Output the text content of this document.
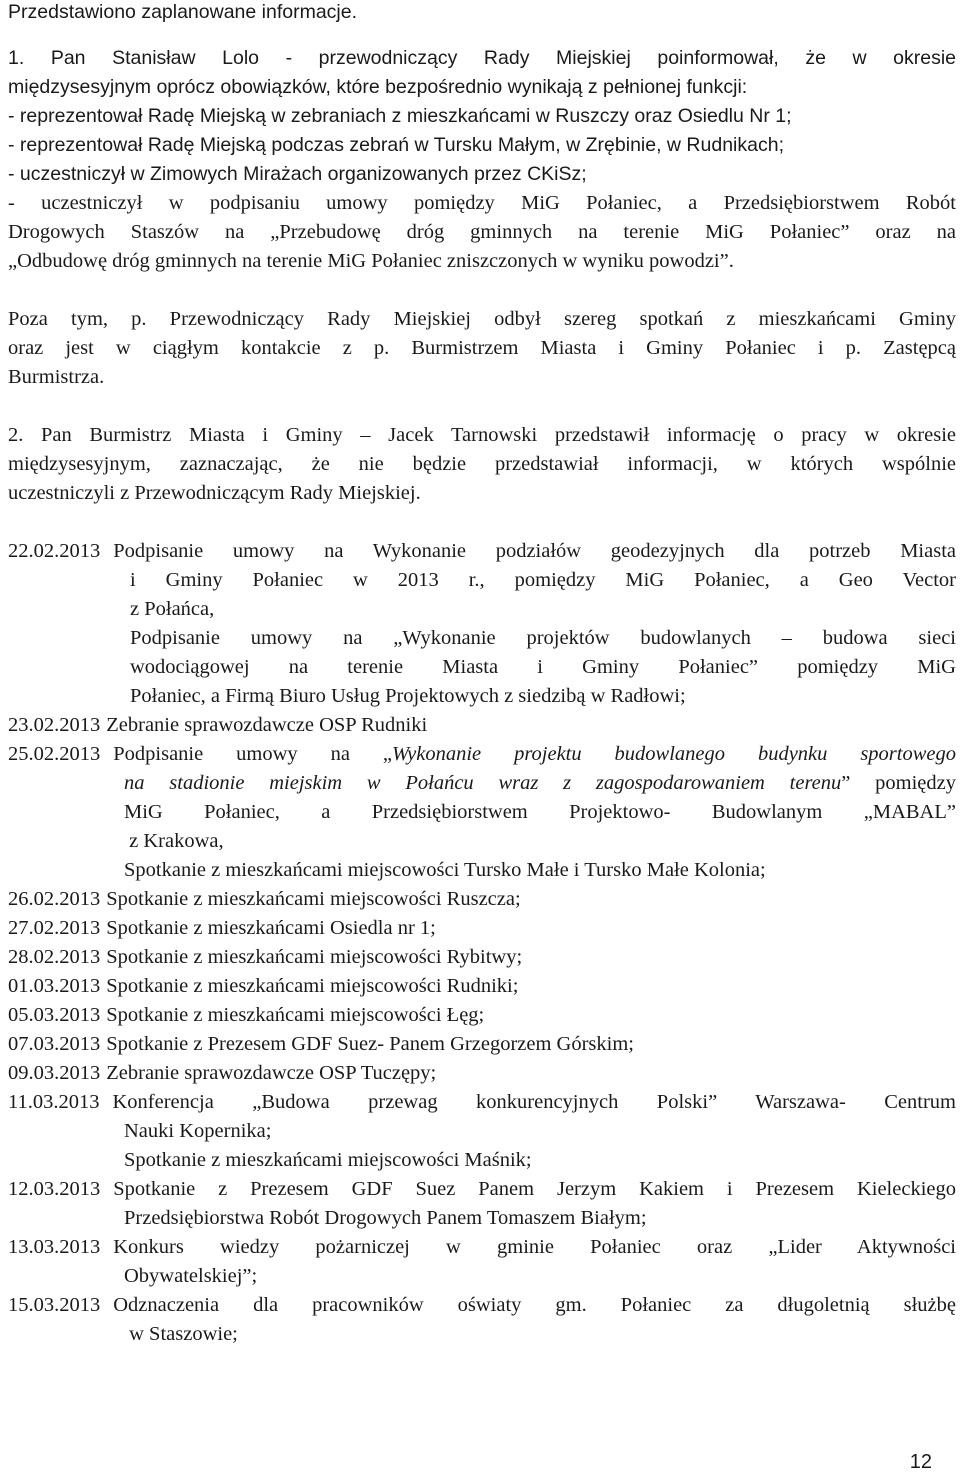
Przedstawiono zaplanowane informacje.
1. Pan Stanisław Lolo - przewodniczący Rady Miejskiej poinformował, że w okresie
międzysesyjnym oprócz obowiązków, które bezpośrednio wynikają z pełnionej funkcji:
- reprezentował Radę Miejską w zebraniach z mieszkańcami w Ruszczy oraz Osiedlu Nr 1;
- reprezentował Radę Miejską podczas zebrań w Tursku Małym, w Zrębinie, w Rudnikach;
- uczestniczył w Zimowych Mirażach organizowanych przez CKiSz;
- uczestniczył w podpisaniu umowy pomiędzy MiG Połaniec, a Przedsiębiorstwem Robót
Drogowych Staszów na „Przebudowę dróg gminnych na terenie MiG Połaniec” oraz na
„Odbudowę dróg gminnych na terenie MiG Połaniec zniszczonych w wyniku powodzi”.
Poza tym, p. Przewodniczący Rady Miejskiej odbył szereg spotkań z mieszkańcami Gminy
oraz jest w ciągłym kontakcie z p. Burmistrzem Miasta i Gminy Połaniec i p. Zastępcą
Burmistrza.
2. Pan Burmistrz Miasta i Gminy – Jacek Tarnowski przedstawił informację o pracy w okresie
międzysesyjnym, zaznaczając, że nie będzie przedstawiał informacji, w których wspólnie
uczestniczyli z Przewodniczącym Rady Miejskiej.
22.02.2013 Podpisanie umowy na Wykonanie podziałów geodezyjnych dla potrzeb Miasta
i Gminy Połaniec w 2013 r., pomiędzy MiG Połaniec, a Geo Vector
z Połańca,
Podpisanie umowy na „Wykonanie projektów budowlanych – budowa sieci
wodociągowej na terenie Miasta i Gminy Połaniec” pomiędzy MiG
Połaniec, a Firmą Biuro Usług Projektowych z siedzibą w Radłowi;
23.02.2013 Zebranie sprawozdawcze OSP Rudniki
25.02.2013 Podpisanie umowy na „Wykonanie projektu budowlanego budynku sportowego
na stadionie miejskim w Połańcu wraz z zagospodarowaniem terenu” pomiędzy
MiG Połaniec, a Przedsiębiorstwem Projektowo- Budowlanym „MABAL”
z Krakowa,
Spotkanie z mieszkańcami miejscowości Tursko Małe i Tursko Małe Kolonia;
26.02.2013 Spotkanie z mieszkańcami miejscowości Ruszcza;
27.02.2013 Spotkanie z mieszkańcami Osiedla nr 1;
28.02.2013 Spotkanie z mieszkańcami miejscowości Rybitwy;
01.03.2013 Spotkanie z mieszkańcami miejscowości Rudniki;
05.03.2013 Spotkanie z mieszkańcami miejscowości Łęg;
07.03.2013 Spotkanie z Prezesem GDF Suez- Panem Grzegorzem Górskim;
09.03.2013 Zebranie sprawozdawcze OSP Tuczępy;
11.03.2013 Konferencja „Budowa przewag konkurencyjnych Polski” Warszawa- Centrum
Nauki Kopernika;
Spotkanie z mieszkańcami miejscowości Maśnik;
12.03.2013 Spotkanie z Prezesem GDF Suez Panem Jerzym Kakiem i Prezesem Kieleckiego
Przedsiębiorstwa Robót Drogowych Panem Tomaszem Białym;
13.03.2013 Konkurs wiedzy pożarniczej w gminie Połaniec oraz „Lider Aktywności
Obywatelskiej”;
15.03.2013 Odznaczenia dla pracowników oświaty gm. Połaniec za długoletnią służbę
w Staszowie;
12
